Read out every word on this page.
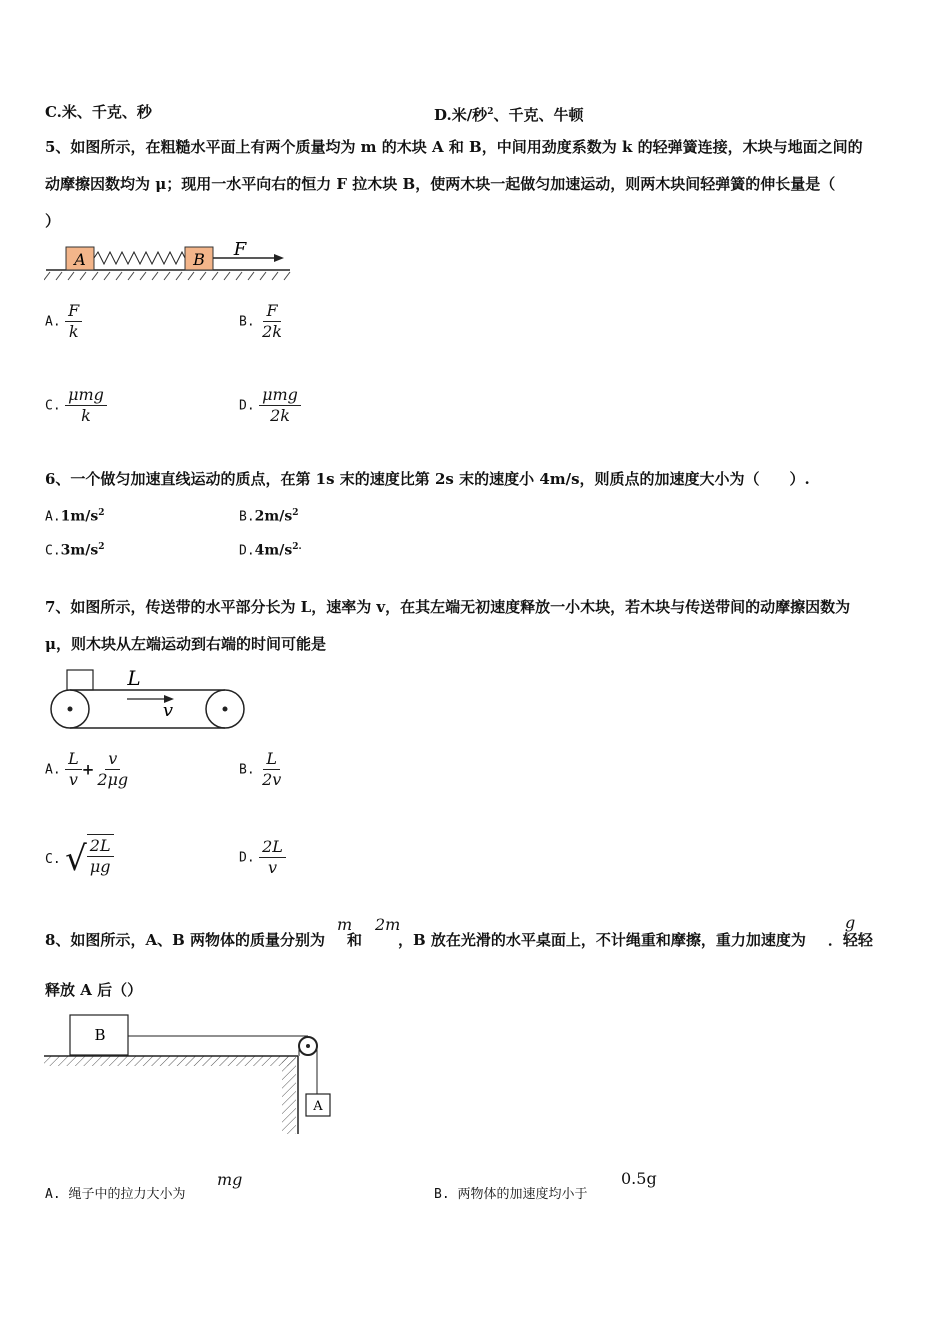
C.米、千克、秒	D.米/秒$^2$、千克、牛顿
5、如图所示，在粗糙水平面上有两个质量均为 m 的木块 A 和 B，中间用劲度系数为 k 的轻弹簧连接，木块与地面之间的
动摩擦因数均为 μ；现用一水平向右的恒力 F 拉木块 B，使两木块一起做匀加速运动，则两木块间轻弹簧的伸长量是（
）
A	B F
A. $\frac{F}{k}$	B. $\frac{F}{2k}$
C. $\frac{\text{μmg}}{k}$	D. $\frac{\text{μmg}}{2k}$
6、一个做匀加速直线运动的质点，在第 1s 末的速度比第 2s 末的速度小 4m/s，则质点的加速度大小为（　　）.
$A.1m/s^2$	$B.2m/s^2$
$C.3m/s^2$	$D.4m/s^{2.}$
7、如图所示，传送带的水平部分长为 L，速率为 v，在其左端无初速度释放一小木块，若木块与传送带间的动摩擦因数为
μ，则木块从左端运动到右端的时间可能是
L
v
A. $\frac{L}{v} + \frac{v}{2\mu g}$	B. $\frac{L}{2v}$
C. √ $\frac{2L}{\mu g}$	D. $\frac{2L}{v}$
8、如图所示，A、B 两物体的质量分别为 和 ，B 放在光滑的水平桌面上，不计绳重和摩擦，重力加速度为 ．轻轻
m 2m	g
释放 A 后（）
B
A
A. 绳子中的拉力大小为
mg
B. 两物体的加速度均小于
0.5g
